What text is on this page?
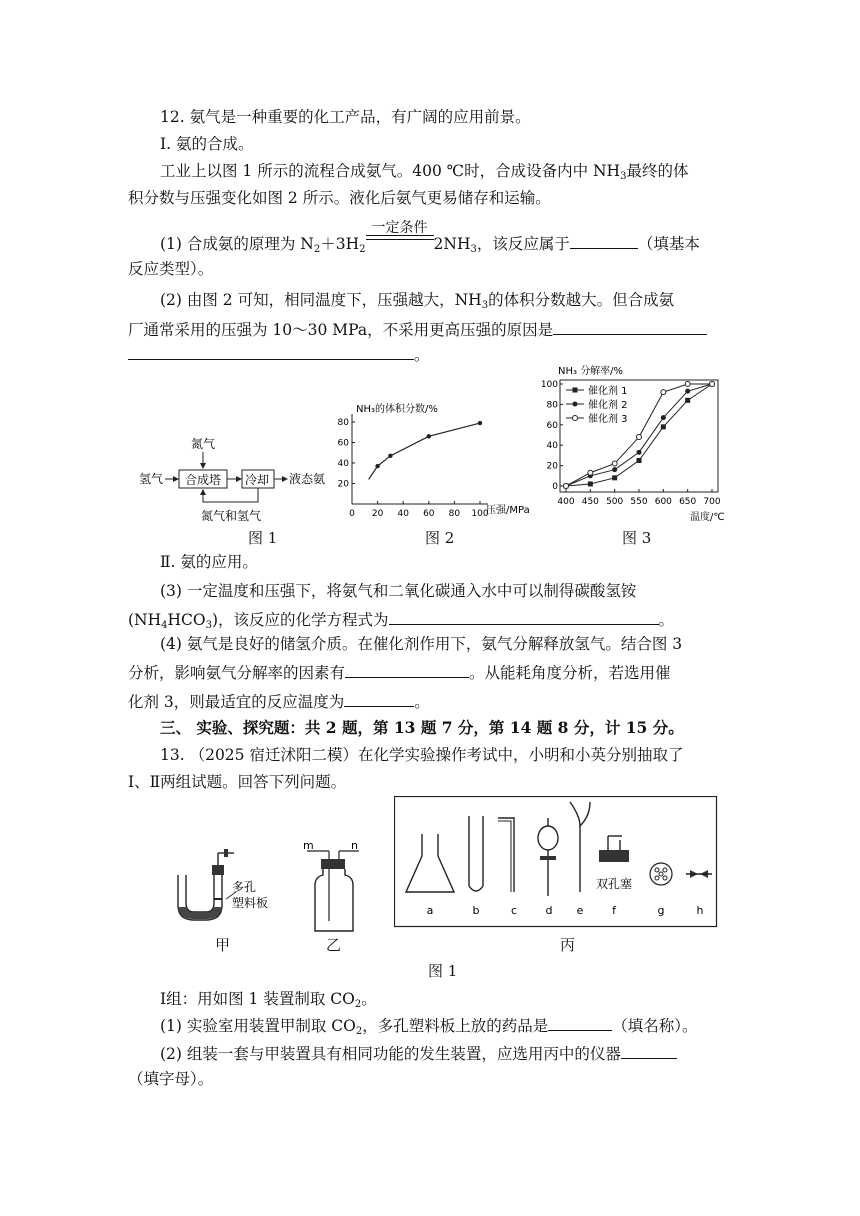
12. 氨气是一种重要的化工产品，有广阔的应用前景。
Ⅰ. 氨的合成。
工业上以图 1 所示的流程合成氨气。400 ℃时，合成设备内中 $NH_3$最终的体
积分数与压强变化如图 2 所示。液化后氨气更易储存和运输。
(1) 合成氨的原理为 $N_2+3H_2$
一定条件
$2NH_3$，该反应属于	（填基本
反应类型）。
(2) 由图 2 可知，相同温度下，压强越大，$NH_3$的体积分数越大。但合成氨
厂通常采用的压强为 10～30 MPa，不采用更高压强的原因是
。
氮气
氢气 合成塔 冷却 液态氨
氮气和氢气
图 1
NH₃的体积分数/%
压强/MPa
0 20 40 60 80 100
20
40
60
80
图 2
NH₃ 分解率/%
温度/℃
400 450 500 550 600 650 700
0
20
40
60
80
100
催化剂 1
催化剂 2
催化剂 3
图 3
Ⅱ. 氨的应用。
(3) 一定温度和压强下，将氨气和二氧化碳通入水中可以制得碳酸氢铵
$(NH_4HCO_3)$，该反应的化学方程式为	。
(4) 氨气是良好的储氢介质。在催化剂作用下，氨气分解释放氢气。结合图 3
分析，影响氨气分解率的因素有	。从能耗角度分析，若选用催
化剂 3，则最适宜的反应温度为	。
三、 实验、探究题：共 2 题，第 13 题 7 分，第 14 题 8 分，计 15 分。
13. （2025 宿迁沭阳二模）在化学实验操作考试中，小明和小英分别抽取了
Ⅰ、Ⅱ两组试题。回答下列问题。
多孔
塑料板
甲
m	n
乙
双孔塞
a	b	c	d e	f	g	h
丙
图 1
Ⅰ组：用如图 1 装置制取 $CO_2$。
(1) 实验室用装置甲制取 $CO_2$，多孔塑料板上放的药品是	（填名称）。
(2) 组装一套与甲装置具有相同功能的发生装置，应选用丙中的仪器
（填字母）。
